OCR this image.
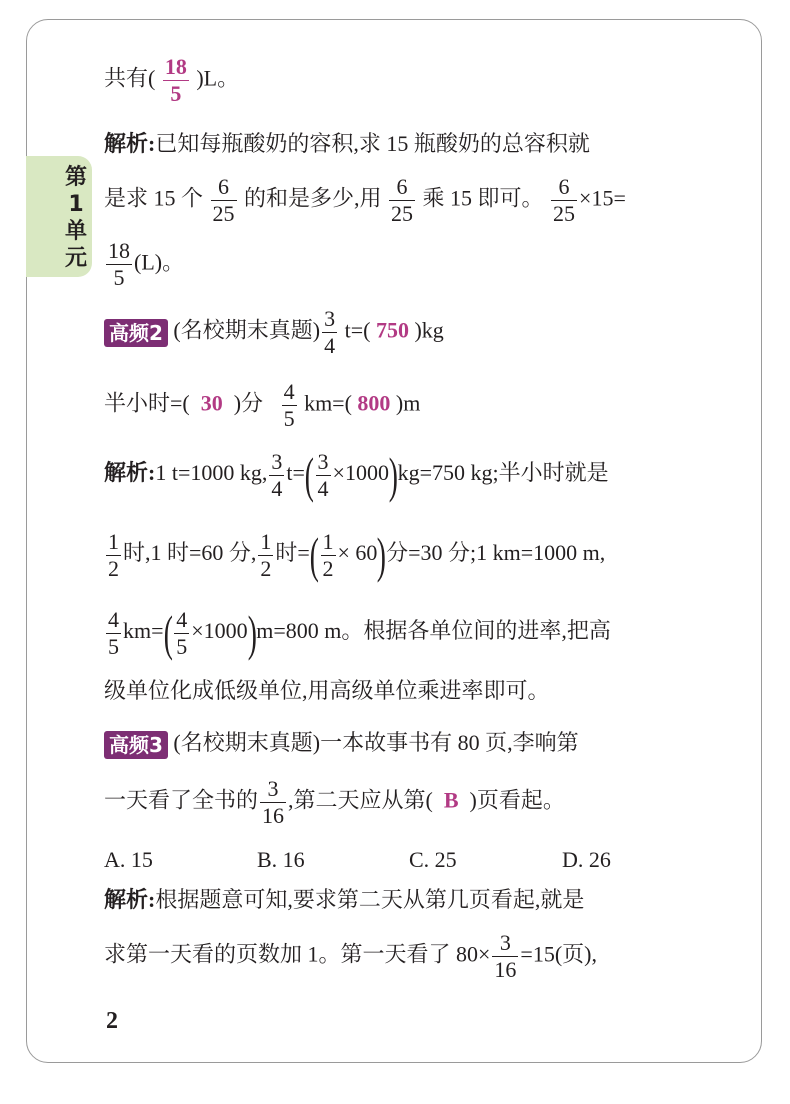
第
1
单
元
共有( $\frac{18}{5} )L$。
解析:已知每瓶酸奶的容积,求 15 瓶酸奶的总容积就
是求 15 个 $\frac{6}{25}$ 的和是多少,用 $\frac{6}{25}$ 乘 15 即可。 $\frac{6}{25} \times 15=$
$\frac{18}{5} (L)$。
高频2 (名校期末真题) $\frac{3}{4} t=$( 750 )kg
半小时=( 30 )分 $\frac{4}{5} km=$( 800 )m
解析:1 t=1000 kg, $\frac{3}{4} t=( \frac{3}{4} \times 1000)kg=750$ kg;半小时就是
$\frac{1}{2}$ 时,1 时=60 分, $\frac{1}{2}$ 时=( $\frac{1}{2} \times 60$)分=30 分;1 km=1000 m,
$\frac{4}{5} km=( \frac{4}{5} \times 1000)m=800$ m。根据各单位间的进率,把高
级单位化成低级单位,用高级单位乘进率即可。
高频3 (名校期末真题)一本故事书有 80 页,李响第
一天看了全书的 $\frac{3}{16}$ ,第二天应从第( B )页看起。
A. 15	B. 16	C. 25	D. 26
解析:根据题意可知,要求第二天从第几页看起,就是
求第一天看的页数加 1。第一天看了 $80\times \frac{3}{16} =15$(页),
2
